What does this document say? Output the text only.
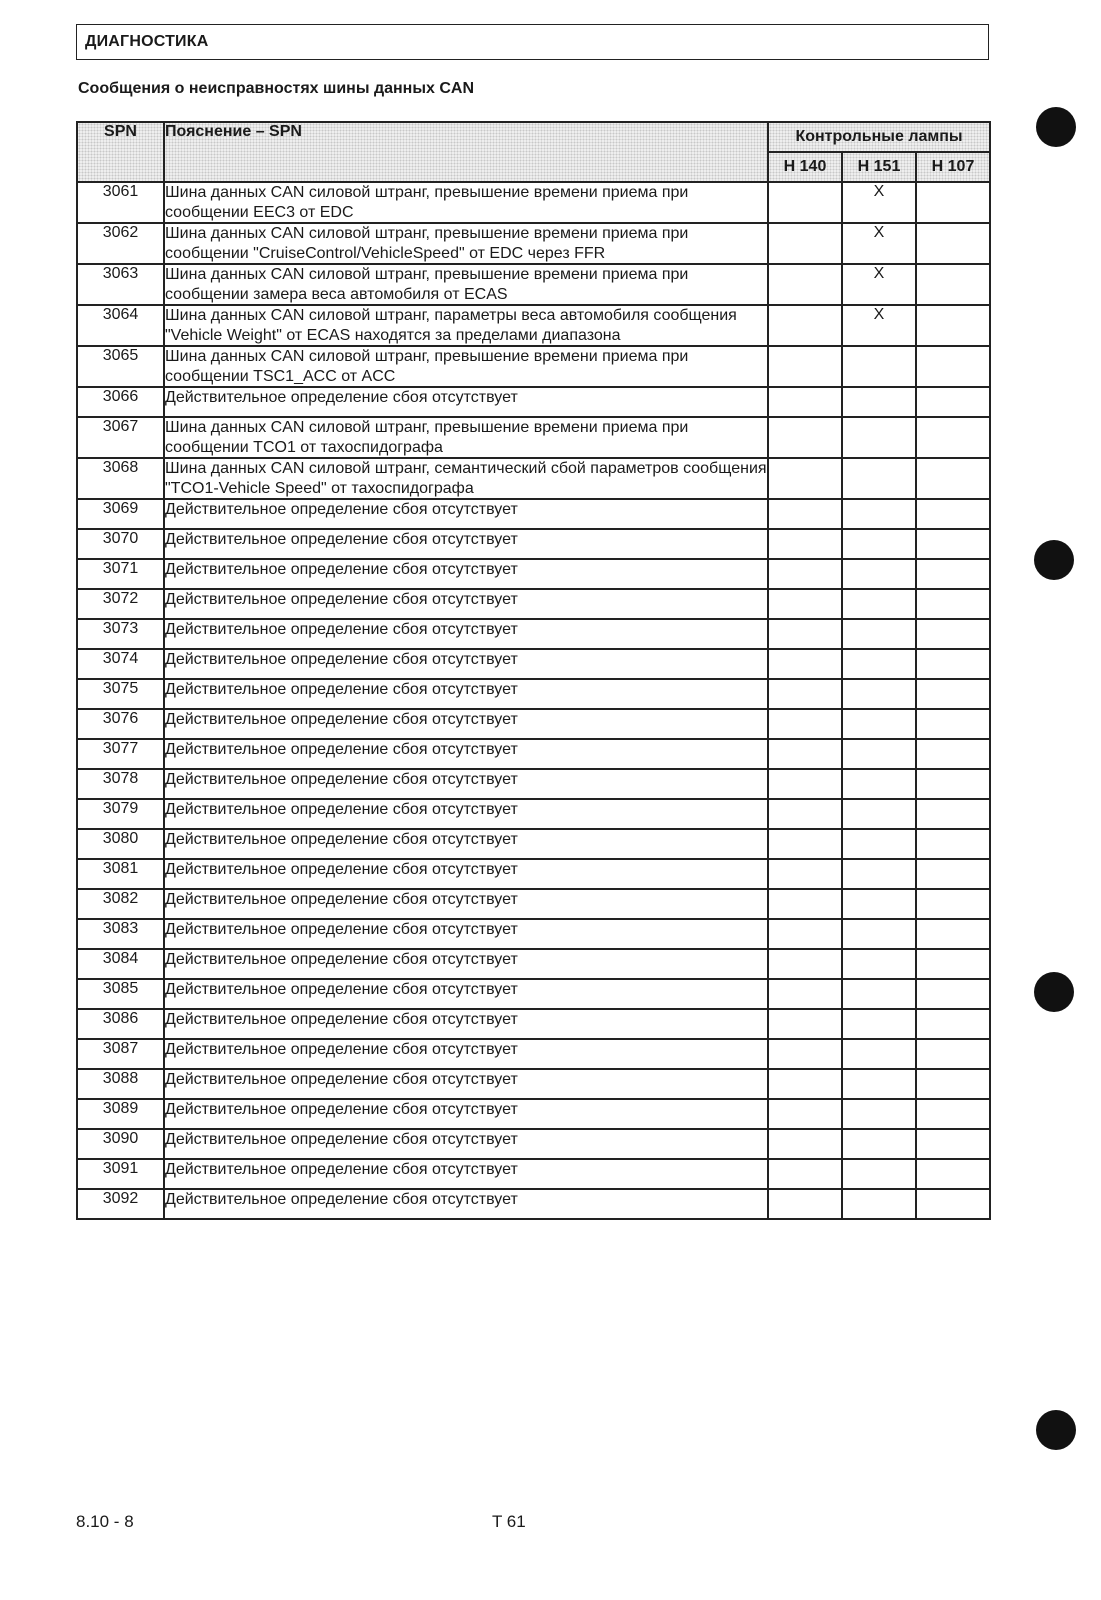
ДИАГНОСТИКА
Сообщения о неисправностях шины данных CAN
SPN	Пояснение – SPN	Контрольные лампы		
		H 140	H 151	H 107
3061	Шина данных CAN силовой штранг, превышение времени приема при сообщении EEC3 от EDC		X	
3062	Шина данных CAN силовой штранг, превышение времени приема при сообщении "CruiseControl/VehicleSpeed" от EDC через FFR		X	
3063	Шина данных CAN силовой штранг, превышение времени приема при сообщении замера веса автомобиля от ECAS		X	
3064	Шина данных CAN силовой штранг, параметры веса автомобиля сообщения "Vehicle Weight" от ECAS находятся за пределами диапазона		X	
3065	Шина данных CAN силовой штранг, превышение времени приема при сообщении TSC1_ACC от ACC			
3066	Действительное определение сбоя отсутствует			
3067	Шина данных CAN силовой штранг, превышение времени приема при сообщении TCO1 от тахоспидографа			
3068	Шина данных CAN силовой штранг, семантический сбой параметров сообщения "TCO1-Vehicle Speed" от тахоспидографа			
3069	Действительное определение сбоя отсутствует			
3070	Действительное определение сбоя отсутствует			
3071	Действительное определение сбоя отсутствует			
3072	Действительное определение сбоя отсутствует			
3073	Действительное определение сбоя отсутствует			
3074	Действительное определение сбоя отсутствует			
3075	Действительное определение сбоя отсутствует			
3076	Действительное определение сбоя отсутствует			
3077	Действительное определение сбоя отсутствует			
3078	Действительное определение сбоя отсутствует			
3079	Действительное определение сбоя отсутствует			
3080	Действительное определение сбоя отсутствует			
3081	Действительное определение сбоя отсутствует			
3082	Действительное определение сбоя отсутствует			
3083	Действительное определение сбоя отсутствует			
3084	Действительное определение сбоя отсутствует			
3085	Действительное определение сбоя отсутствует			
3086	Действительное определение сбоя отсутствует			
3087	Действительное определение сбоя отсутствует			
3088	Действительное определение сбоя отсутствует			
3089	Действительное определение сбоя отсутствует			
3090	Действительное определение сбоя отсутствует			
3091	Действительное определение сбоя отсутствует			
3092	Действительное определение сбоя отсутствует			
8.10 - 8	T 61
